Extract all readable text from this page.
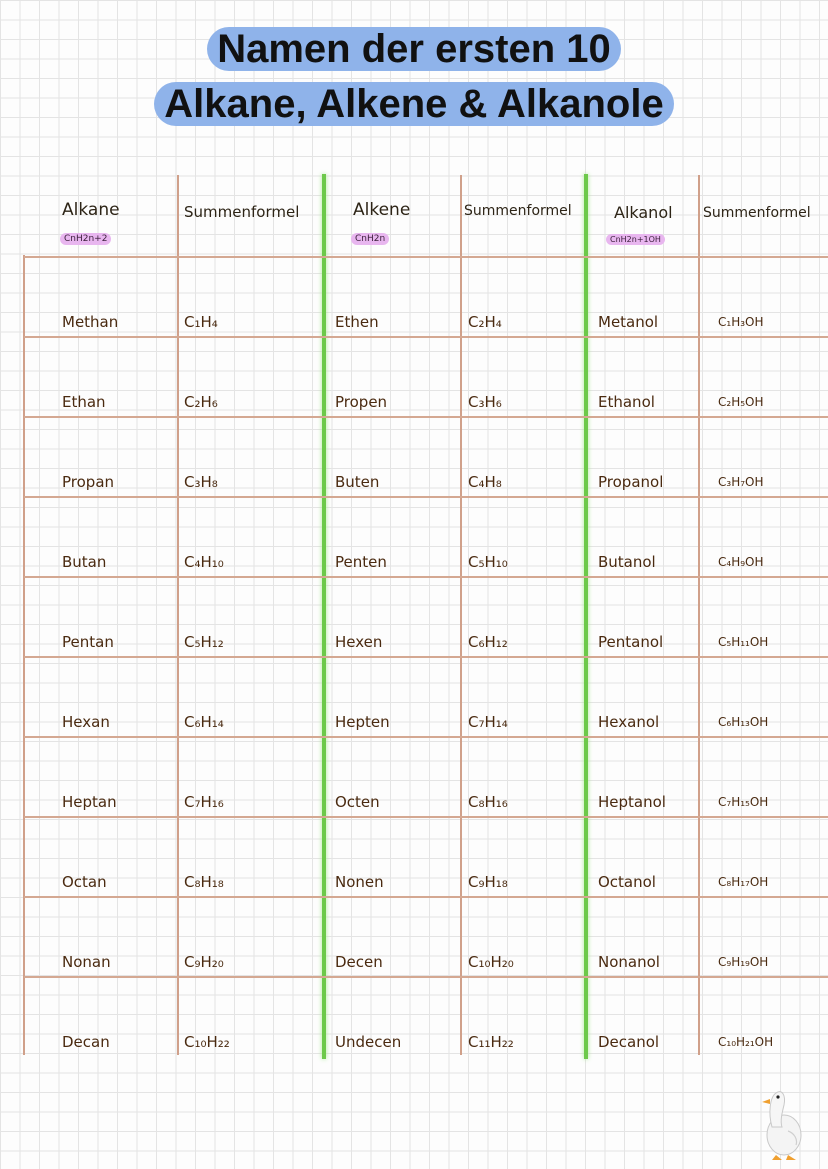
Namen der ersten 10
Alkane, Alkene & Alkanole
Alkane
CnH2n+2
Summenformel	Alkene
CnH2n
Summenformel	Alkanol
CnH2n+1OH
Summenformel
Methan	C₁H₄	Ethen	C₂H₄	Metanol	C₁H₃OH
Ethan	C₂H₆	Propen	C₃H₆	Ethanol	C₂H₅OH
Propan	C₃H₈	Buten	C₄H₈	Propanol	C₃H₇OH
Butan	C₄H₁₀	Penten	C₅H₁₀	Butanol	C₄H₉OH
Pentan	C₅H₁₂	Hexen	C₆H₁₂	Pentanol	C₅H₁₁OH
Hexan	C₆H₁₄	Hepten	C₇H₁₄	Hexanol	C₆H₁₃OH
Heptan	C₇H₁₆	Octen	C₈H₁₆	Heptanol	C₇H₁₅OH
Octan	C₈H₁₈	Nonen	C₉H₁₈	Octanol	C₈H₁₇OH
Nonan	C₉H₂₀	Decen	C₁₀H₂₀	Nonanol	C₉H₁₉OH
Decan	C₁₀H₂₂	Undecen	C₁₁H₂₂	Decanol	C₁₀H₂₁OH
